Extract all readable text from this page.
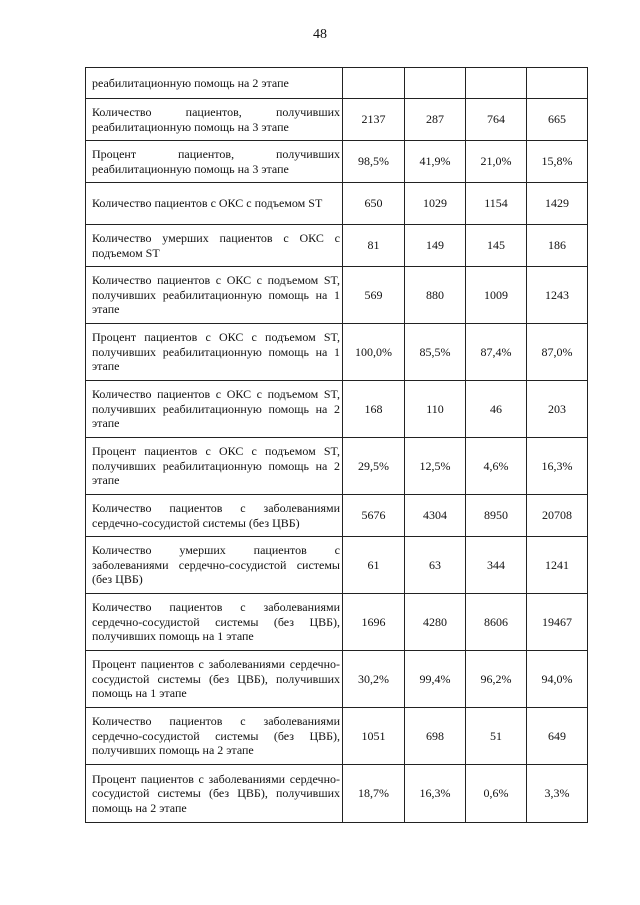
48
реабилитационную помощь на 2 этапе				
Количество пациентов, получивших реабилитационную помощь на 3 этапе	2137	287	764	665
Процент пациентов, получивших реабилитационную помощь на 3 этапе	98,5%	41,9%	21,0%	15,8%
Количество пациентов с ОКС с подъемом ST	650	1029	1154	1429
Количество умерших пациентов с ОКС с подъемом ST	81	149	145	186
Количество пациентов с ОКС с подъемом ST, получивших реабилитационную помощь на 1 этапе	569	880	1009	1243
Процент пациентов с ОКС с подъемом ST, получивших реабилитационную помощь на 1 этапе	100,0%	85,5%	87,4%	87,0%
Количество пациентов с ОКС с подъемом ST, получивших реабилитационную помощь на 2 этапе	168	110	46	203
Процент пациентов с ОКС с подъемом ST, получивших реабилитационную помощь на 2 этапе	29,5%	12,5%	4,6%	16,3%
Количество пациентов с заболеваниями сердечно-сосудистой системы (без ЦВБ)	5676	4304	8950	20708
Количество умерших пациентов с заболеваниями сердечно-сосудистой системы (без ЦВБ)	61	63	344	1241
Количество пациентов с заболеваниями сердечно-сосудистой системы (без ЦВБ), получивших помощь на 1 этапе	1696	4280	8606	19467
Процент пациентов с заболеваниями сердечно-сосудистой системы (без ЦВБ), получивших помощь на 1 этапе	30,2%	99,4%	96,2%	94,0%
Количество пациентов с заболеваниями сердечно-сосудистой системы (без ЦВБ), получивших помощь на 2 этапе	1051	698	51	649
Процент пациентов с заболеваниями сердечно-сосудистой системы (без ЦВБ), получивших помощь на 2 этапе	18,7%	16,3%	0,6%	3,3%
